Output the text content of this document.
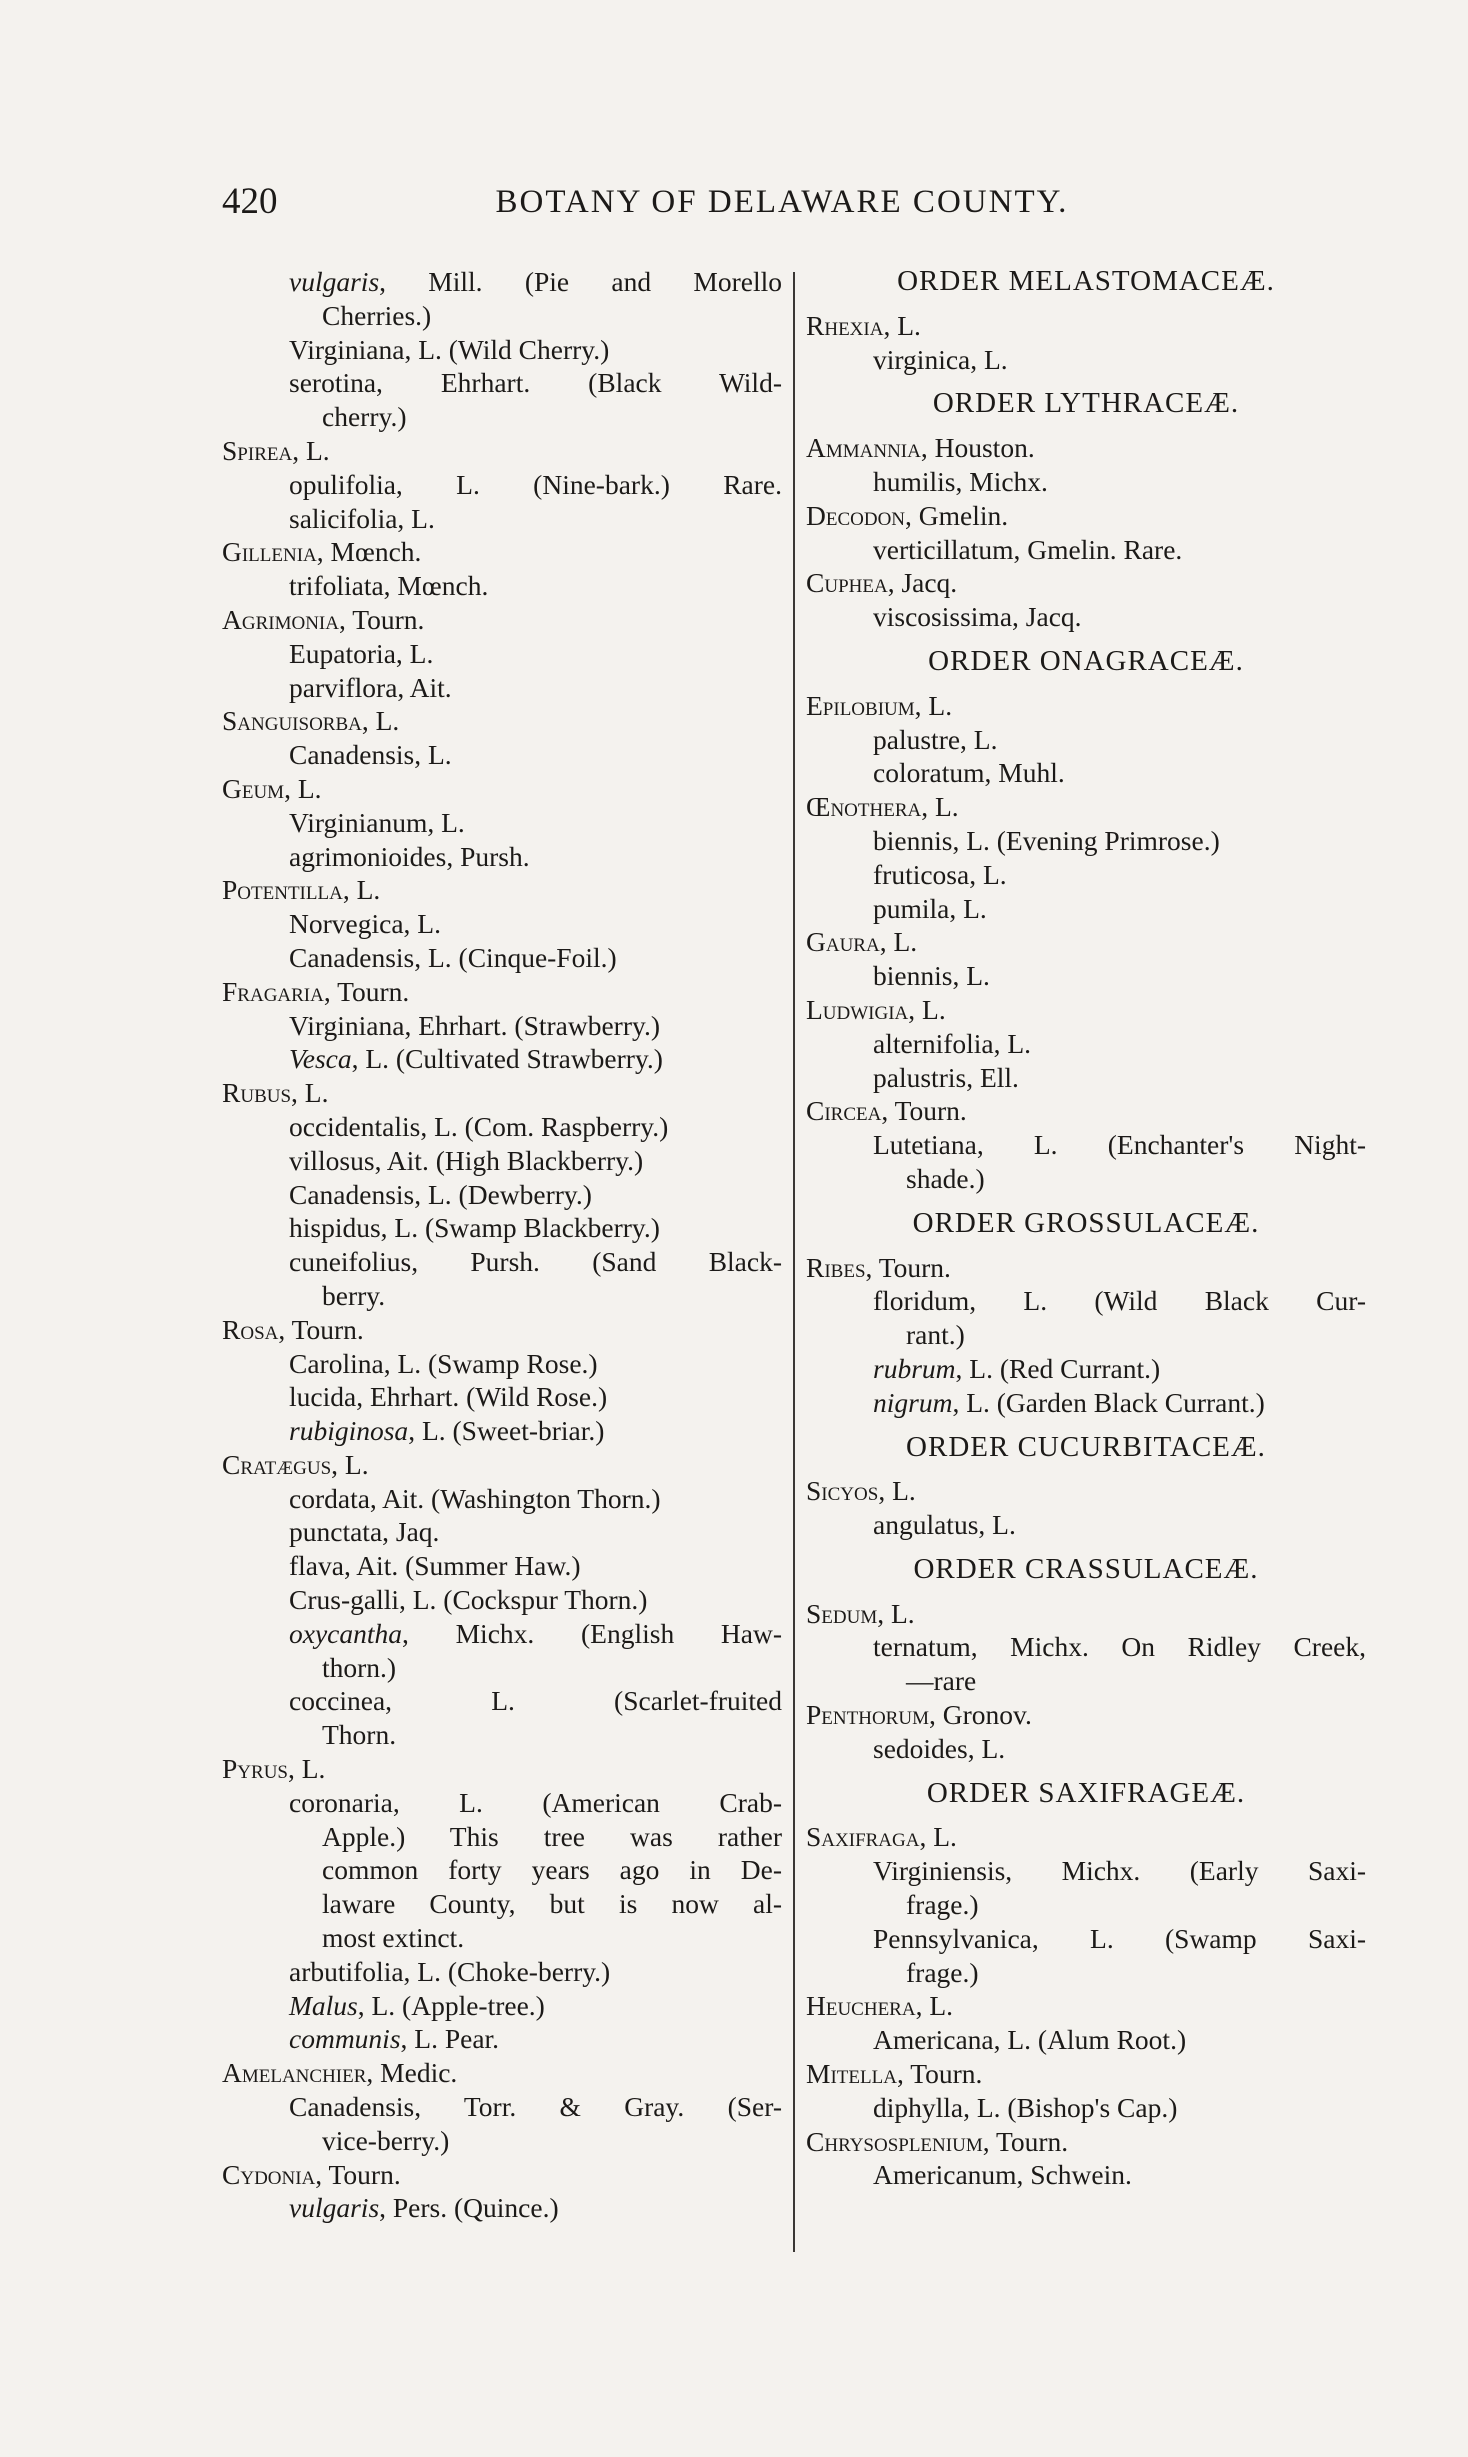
420	BOTANY OF DELAWARE COUNTY.
vulgaris, Mill. (Pie and Morello
Cherries.)
Virginiana, L. (Wild Cherry.)
serotina, Ehrhart. (Black Wild-
cherry.)
Spirea, L.
opulifolia, L. (Nine-bark.) Rare.
salicifolia, L.
Gillenia, Mœnch.
trifoliata, Mœnch.
Agrimonia, Tourn.
Eupatoria, L.
parviflora, Ait.
Sanguisorba, L.
Canadensis, L.
Geum, L.
Virginianum, L.
agrimonioides, Pursh.
Potentilla, L.
Norvegica, L.
Canadensis, L. (Cinque-Foil.)
Fragaria, Tourn.
Virginiana, Ehrhart. (Strawberry.)
Vesca, L. (Cultivated Strawberry.)
Rubus, L.
occidentalis, L. (Com. Raspberry.)
villosus, Ait. (High Blackberry.)
Canadensis, L. (Dewberry.)
hispidus, L. (Swamp Blackberry.)
cuneifolius, Pursh. (Sand Black-
berry.
Rosa, Tourn.
Carolina, L. (Swamp Rose.)
lucida, Ehrhart. (Wild Rose.)
rubiginosa, L. (Sweet-briar.)
Cratægus, L.
cordata, Ait. (Washington Thorn.)
punctata, Jaq.
flava, Ait. (Summer Haw.)
Crus-galli, L. (Cockspur Thorn.)
oxycantha, Michx. (English Haw-
thorn.)
coccinea, L. (Scarlet-fruited
Thorn.
Pyrus, L.
coronaria, L. (American Crab-
Apple.) This tree was rather
common forty years ago in De-
laware County, but is now al-
most extinct.
arbutifolia, L. (Choke-berry.)
Malus, L. (Apple-tree.)
communis, L. Pear.
Amelanchier, Medic.
Canadensis, Torr. & Gray. (Ser-
vice-berry.)
Cydonia, Tourn.
vulgaris, Pers. (Quince.)
ORDER MELASTOMACEÆ.
Rhexia, L.
virginica, L.
ORDER LYTHRACEÆ.
Ammannia, Houston.
humilis, Michx.
Decodon, Gmelin.
verticillatum, Gmelin. Rare.
Cuphea, Jacq.
viscosissima, Jacq.
ORDER ONAGRACEÆ.
Epilobium, L.
palustre, L.
coloratum, Muhl.
Œnothera, L.
biennis, L. (Evening Primrose.)
fruticosa, L.
pumila, L.
Gaura, L.
biennis, L.
Ludwigia, L.
alternifolia, L.
palustris, Ell.
Circea, Tourn.
Lutetiana, L. (Enchanter's Night-
shade.)
ORDER GROSSULACEÆ.
Ribes, Tourn.
floridum, L. (Wild Black Cur-
rant.)
rubrum, L. (Red Currant.)
nigrum, L. (Garden Black Currant.)
ORDER CUCURBITACEÆ.
Sicyos, L.
angulatus, L.
ORDER CRASSULACEÆ.
Sedum, L.
ternatum, Michx. On Ridley Creek,
—rare
Penthorum, Gronov.
sedoides, L.
ORDER SAXIFRAGEÆ.
Saxifraga, L.
Virginiensis, Michx. (Early Saxi-
frage.)
Pennsylvanica, L. (Swamp Saxi-
frage.)
Heuchera, L.
Americana, L. (Alum Root.)
Mitella, Tourn.
diphylla, L. (Bishop's Cap.)
Chrysosplenium, Tourn.
Americanum, Schwein.
